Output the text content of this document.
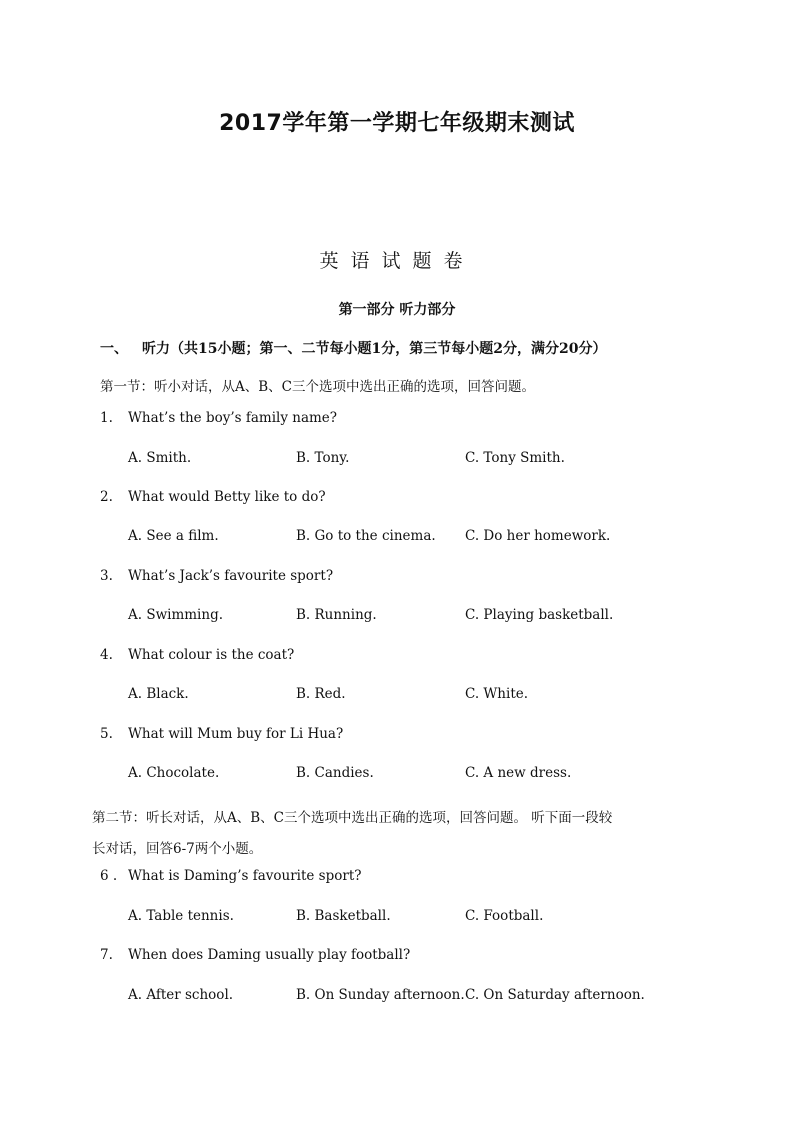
2017学年第一学期七年级期末测试
英语试题卷
第一部分 听力部分
一、 听力（共15小题；第一、二节每小题1分，第三节每小题2分，满分20分）
第一节：听小对话，从A、B、C三个选项中选出正确的选项，回答问题。
1. What’s the boy’s family name?
A. Smith.	B. Tony.	C. Tony Smith.
2. What would Betty like to do?
A. See a film.	B. Go to the cinema. C. Do her homework.
3. What’s Jack’s favourite sport?
A. Swimming.	B. Running.	C. Playing basketball.
4. What colour is the coat?
A. Black.	B. Red.	C. White.
5. What will Mum buy for Li Hua?
A. Chocolate.	B. Candies.	C. A new dress.
第二节：听长对话，从A、B、C三个选项中选出正确的选项，回答问题。 听下面一段较长对话，回答6-7两个小题。
6 . What is Daming’s favourite sport?
A. Table tennis.	B. Basketball.	C. Football.
7. When does Daming usually play football?
A. After school.	B. On Sunday afternoon. C. On Saturday afternoon.
